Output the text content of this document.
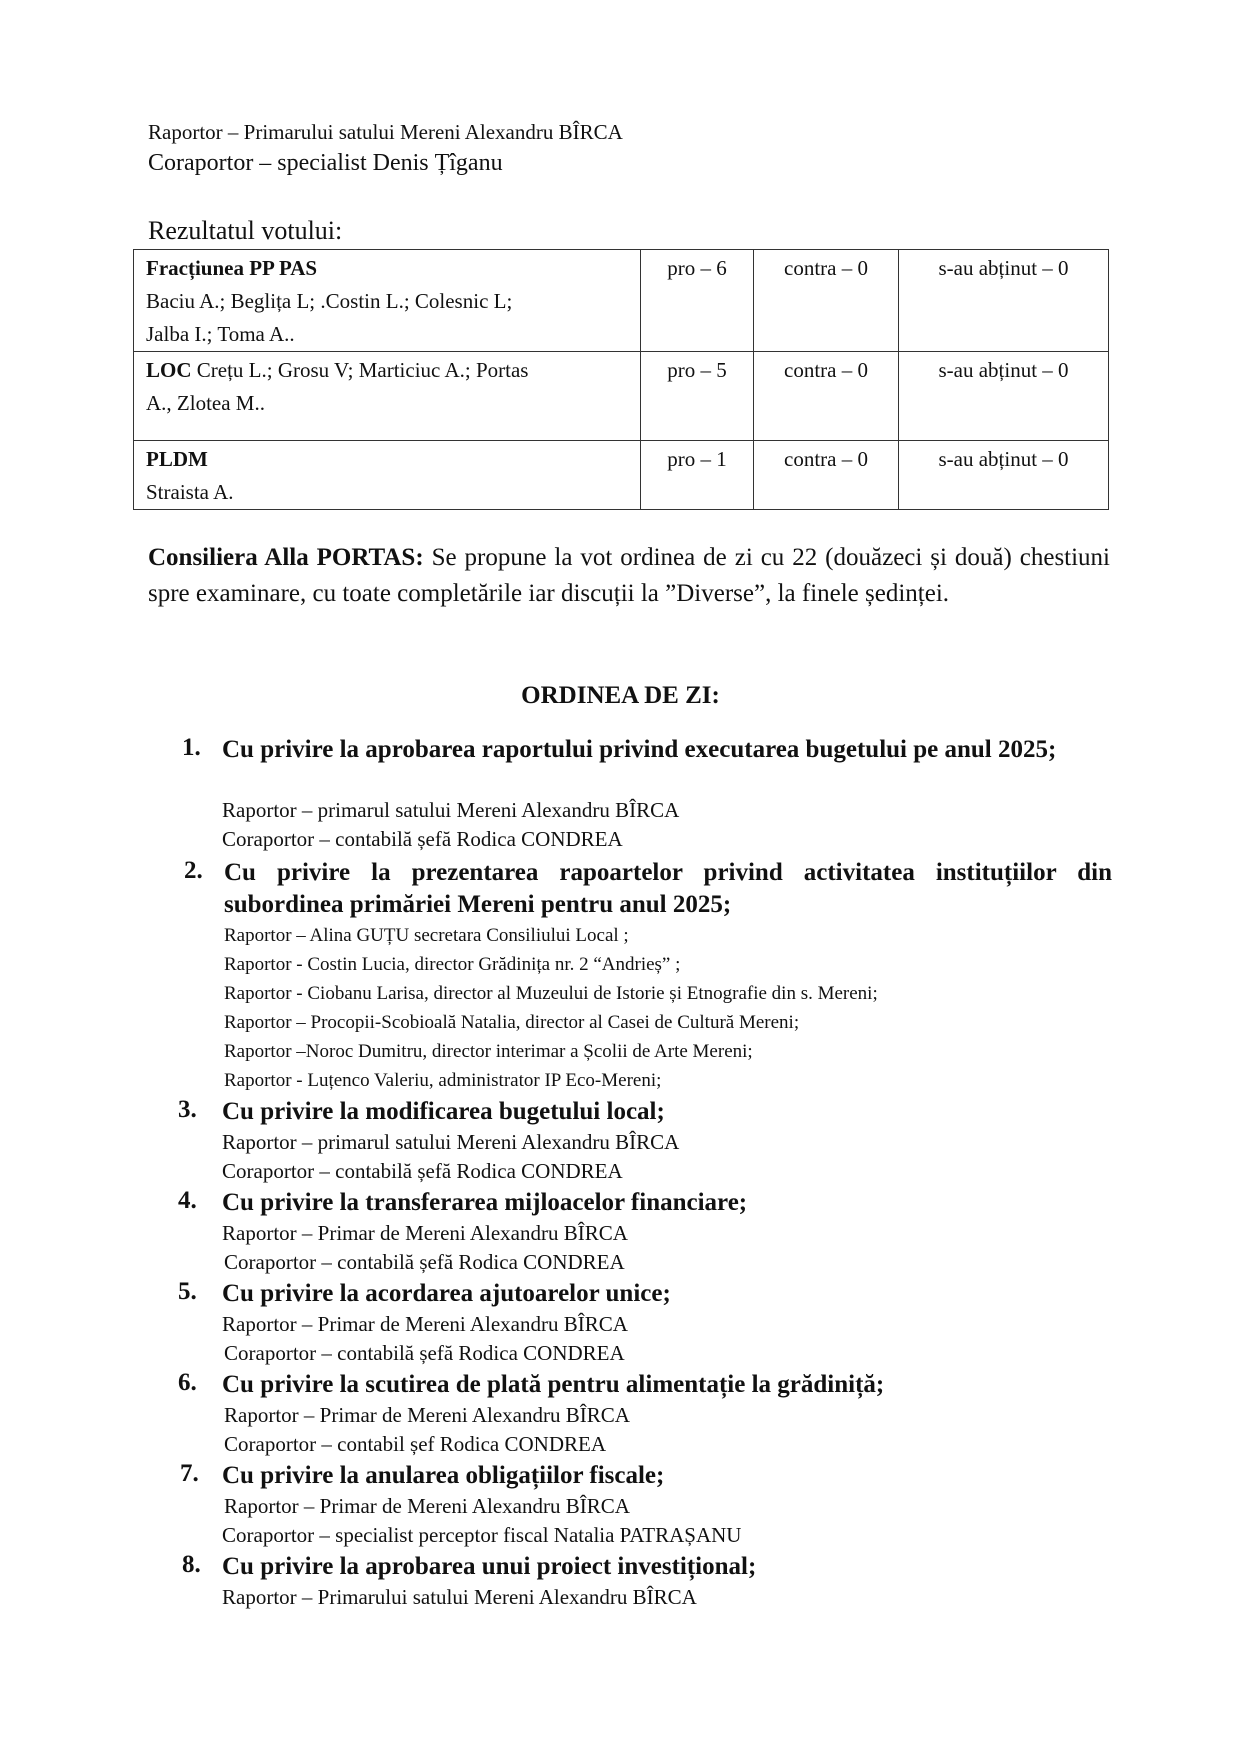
Raportor – Primarului satului Mereni Alexandru BÎRCA
Coraportor – specialist Denis Țîganu
Rezultatul votului:
Fracțiunea PP PAS
Baciu A.; Beglița L; .Costin L.; Colesnic L;
Jalba I.; Toma A..	pro – 6	contra – 0	s-au abținut – 0

LOC Crețu L.; Grosu V; Marticiuc A.; Portas
A., Zlotea M..	pro – 5	contra – 0	s-au abținut – 0

PLDM
Straista A.	pro – 1	contra – 0	s-au abținut – 0
Consiliera Alla PORTAS: Se propune la vot ordinea de zi cu 22 (douăzeci și două) chestiuni spre examinare, cu toate completările iar discuții la ”Diverse”, la finele ședinței.
ORDINEA DE ZI:
1. Cu privire la aprobarea raportului privind executarea bugetului pe anul 2025;
Raportor – primarul satului Mereni Alexandru BÎRCA
Coraportor – contabilă șefă Rodica CONDREA
2. Cu privire la prezentarea rapoartelor privind activitatea instituțiilor din subordinea primăriei Mereni pentru anul 2025;
Raportor – Alina GUȚU secretara Consiliului Local ;
Raportor - Costin Lucia, director Grădinița nr. 2 “Andrieș” ;
Raportor - Ciobanu Larisa, director al Muzeului de Istorie și Etnografie din s. Mereni;
Raportor – Procopii-Scobioală Natalia, director al Casei de Cultură Mereni;
Raportor –Noroc Dumitru, director interimar a Școlii de Arte Mereni;
Raportor - Luțenco Valeriu, administrator IP Eco-Mereni;
3. Cu privire la modificarea bugetului local;
Raportor – primarul satului Mereni Alexandru BÎRCA
Coraportor – contabilă șefă Rodica CONDREA
4. Cu privire la transferarea mijloacelor financiare;
Raportor – Primar de Mereni Alexandru BÎRCA
Coraportor – contabilă șefă Rodica CONDREA
5. Cu privire la acordarea ajutoarelor unice;
Raportor – Primar de Mereni Alexandru BÎRCA
Coraportor – contabilă șefă Rodica CONDREA
6. Cu privire la scutirea de plată pentru alimentație la grădiniță;
Raportor – Primar de Mereni Alexandru BÎRCA
Coraportor – contabil șef Rodica CONDREA
7. Cu privire la anularea obligațiilor fiscale;
Raportor – Primar de Mereni Alexandru BÎRCA
Coraportor – specialist perceptor fiscal Natalia PATRAȘANU
8. Cu privire la aprobarea unui proiect investițional;
Raportor – Primarului satului Mereni Alexandru BÎRCA
